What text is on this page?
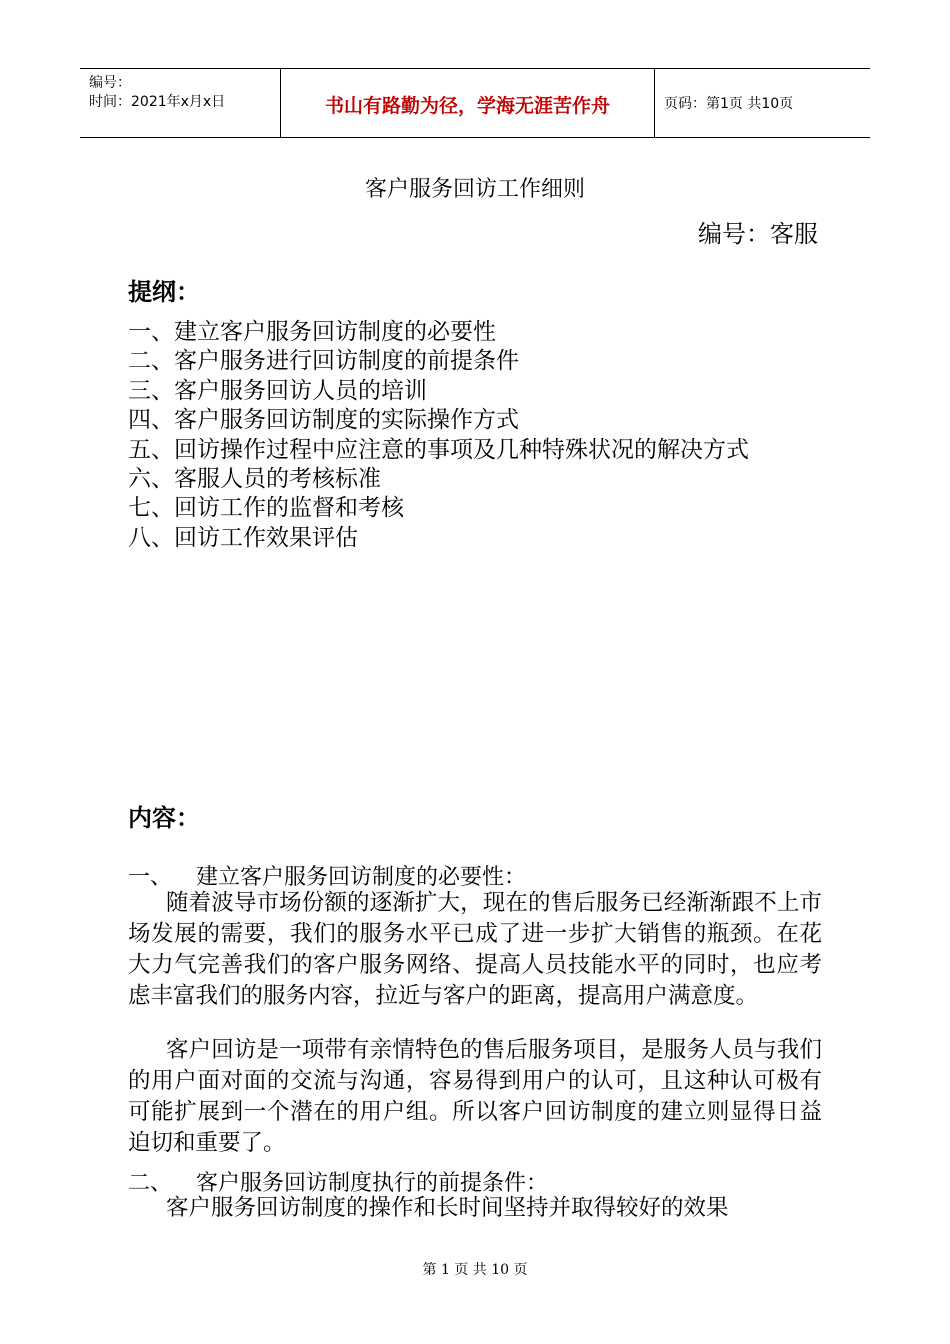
编号：
时间：2021年x月x日	书山有路勤为径，学海无涯苦作舟	页码：第1页 共10页
客户服务回访工作细则
编号：客服
提纲：
一、建立客户服务回访制度的必要性
二、客户服务进行回访制度的前提条件
三、客户服务回访人员的培训
四、客户服务回访制度的实际操作方式
五、回访操作过程中应注意的事项及几种特殊状况的解决方式
六、客服人员的考核标准
七、回访工作的监督和考核
八、回访工作效果评估
内容：
一、 建立客户服务回访制度的必要性：

随着波导市场份额的逐渐扩大，现在的售后服务已经渐渐跟不上市场发展的需要，我们的服务水平已成了进一步扩大销售的瓶颈。在花大力气完善我们的客户服务网络、提高人员技能水平的同时，也应考虑丰富我们的服务内容，拉近与客户的距离，提高用户满意度。

客户回访是一项带有亲情特色的售后服务项目，是服务人员与我们的用户面对面的交流与沟通，容易得到用户的认可，且这种认可极有可能扩展到一个潜在的用户组。所以客户回访制度的建立则显得日益迫切和重要了。

二、 客户服务回访制度执行的前提条件：

客户服务回访制度的操作和长时间坚持并取得较好的效果

第 1 页 共 10 页
